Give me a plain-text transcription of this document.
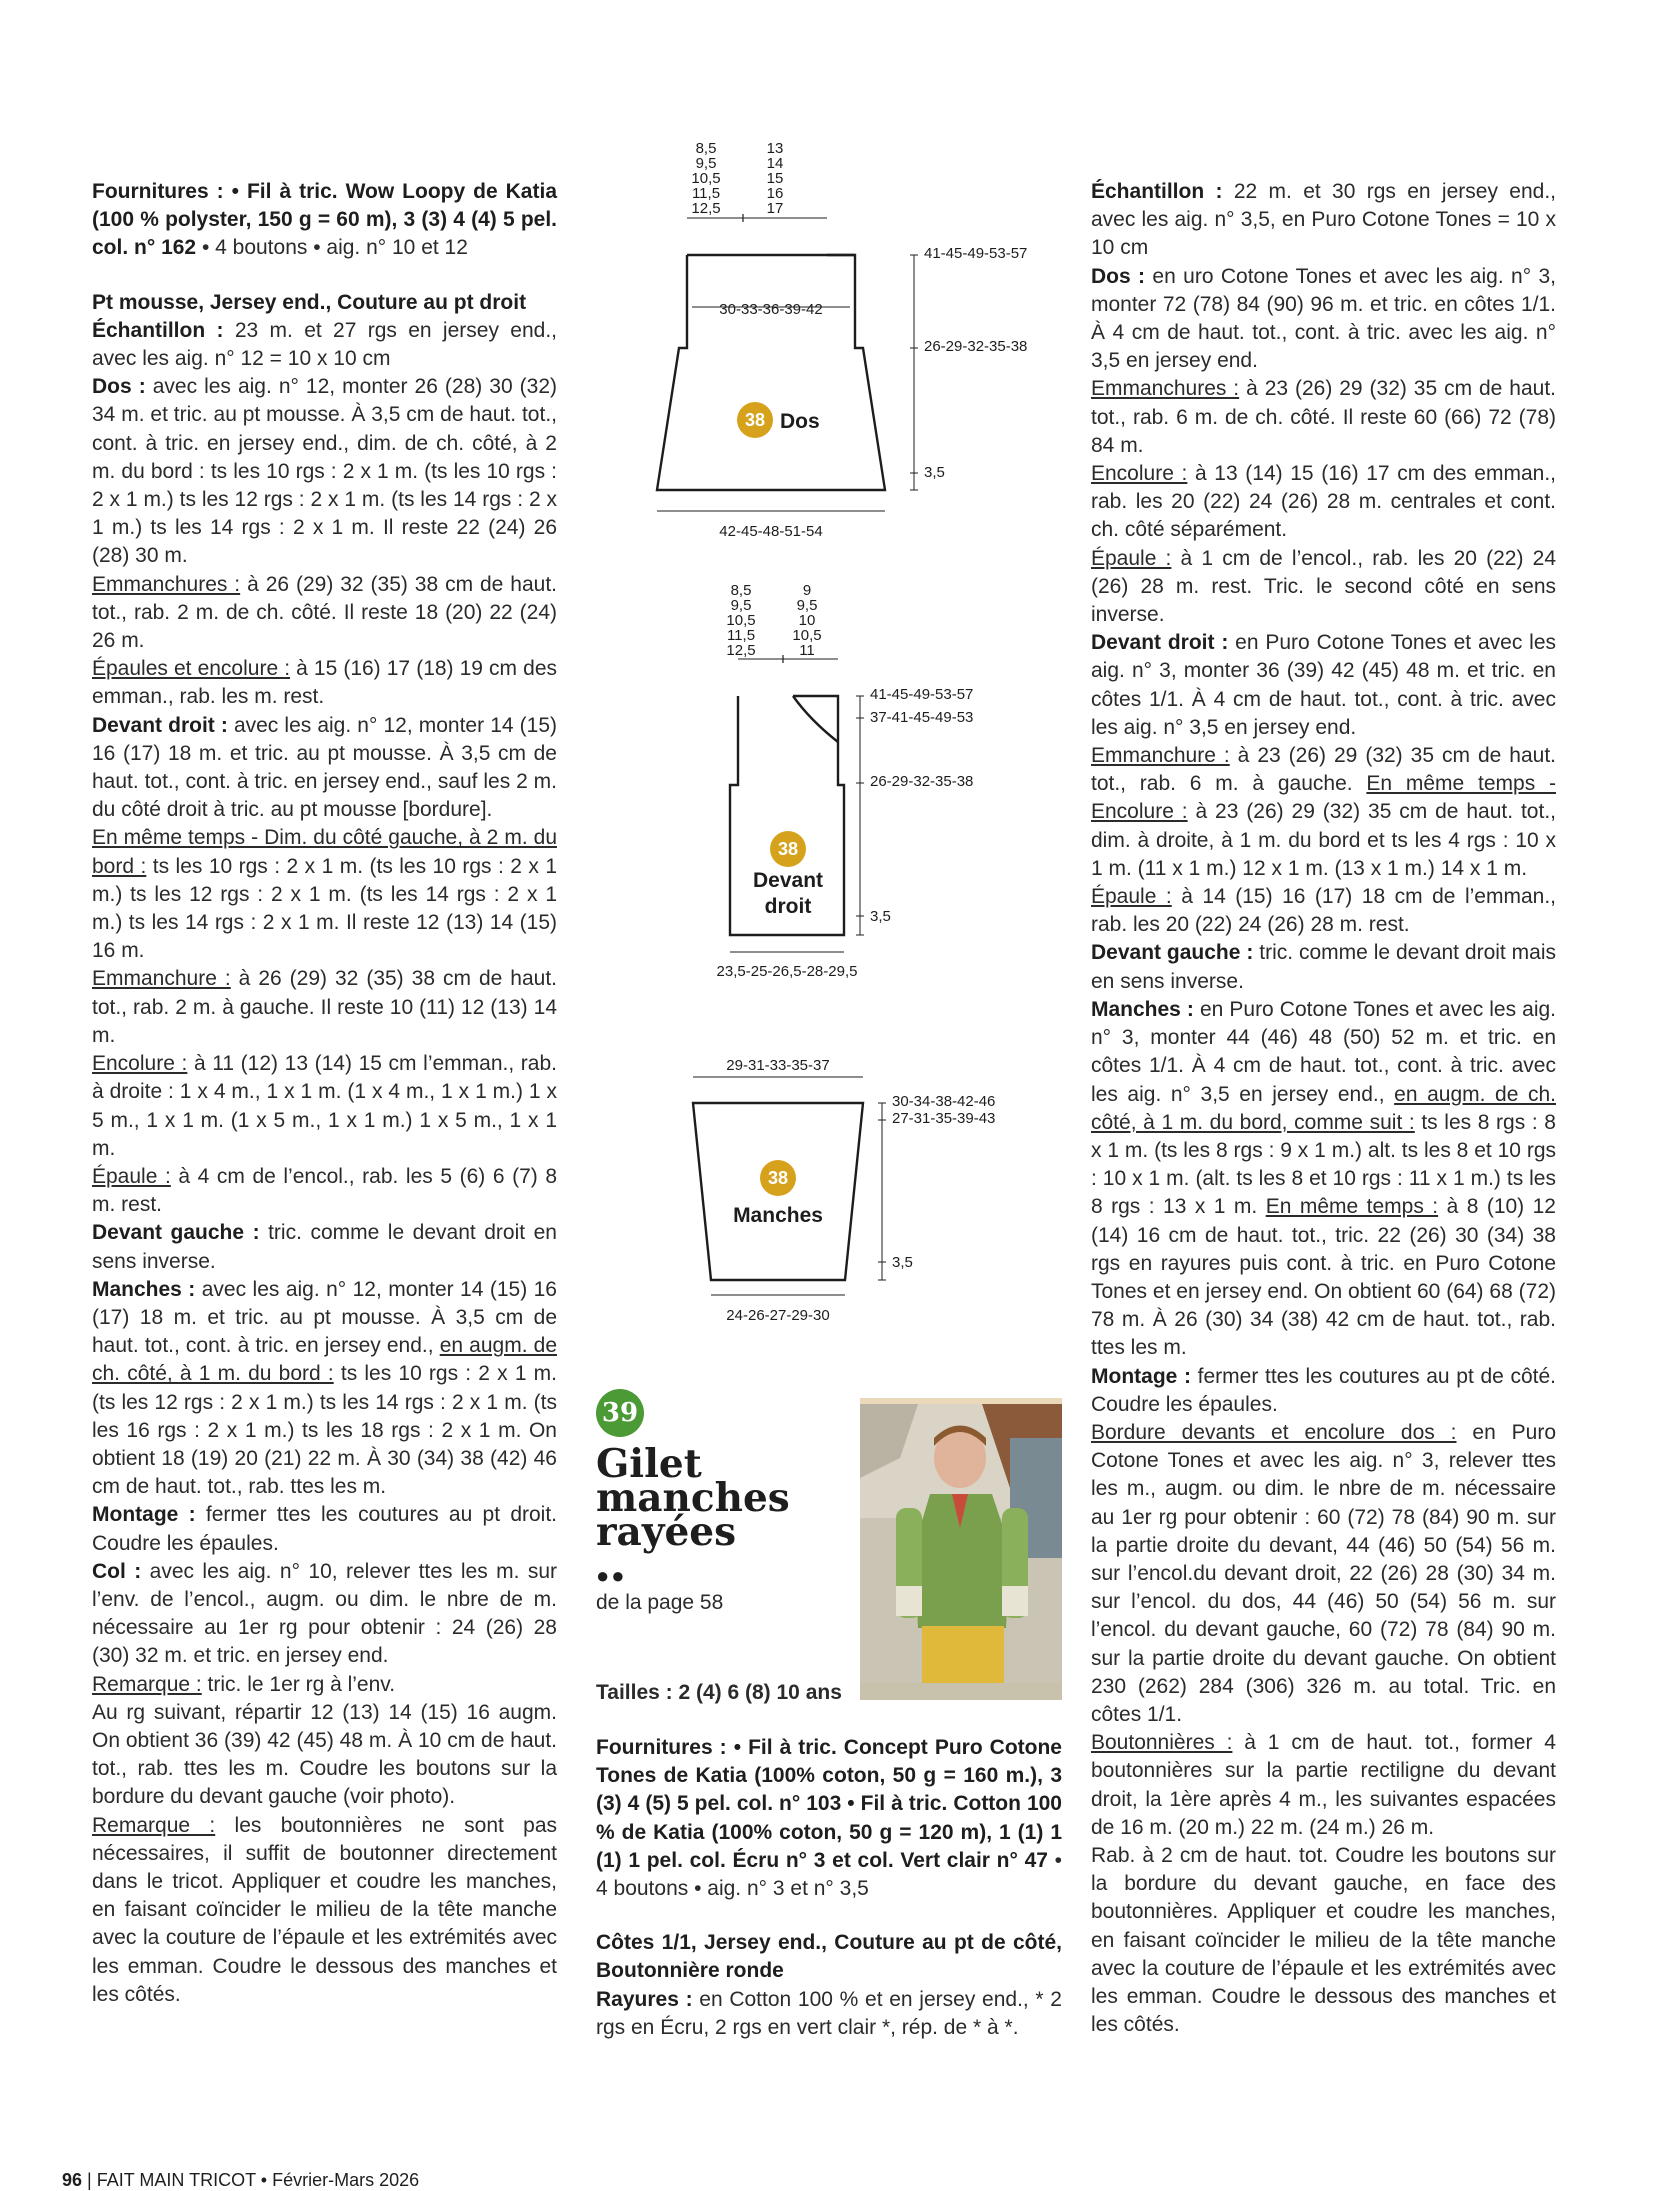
Fournitures : • Fil à tric. Wow Loopy de Katia (100 % polyster, 150 g = 60 m), 3 (3) 4 (4) 5 pel. col. n° 162 • 4 boutons • aig. n° 10 et 12

Pt mousse, Jersey end., Couture au pt droit

Échantillon : 23 m. et 27 rgs en jersey end., avec les aig. n° 12 = 10 x 10 cm

Dos : avec les aig. n° 12, monter 26 (28) 30 (32) 34 m. et tric. au pt mousse. À 3,5 cm de haut. tot., cont. à tric. en jersey end., dim. de ch. côté, à 2 m. du bord : ts les 10 rgs : 2 x 1 m. (ts les 10 rgs : 2 x 1 m.) ts les 12 rgs : 2 x 1 m. (ts les 14 rgs : 2 x 1 m.) ts les 14 rgs : 2 x 1 m. Il reste 22 (24) 26 (28) 30 m.

Emmanchures : à 26 (29) 32 (35) 38 cm de haut. tot., rab. 2 m. de ch. côté. Il reste 18 (20) 22 (24) 26 m.

Épaules et encolure : à 15 (16) 17 (18) 19 cm des emman., rab. les m. rest.

Devant droit : avec les aig. n° 12, monter 14 (15) 16 (17) 18 m. et tric. au pt mousse. À 3,5 cm de haut. tot., cont. à tric. en jersey end., sauf les 2 m. du côté droit à tric. au pt mousse [bordure].

En même temps - Dim. du côté gauche, à 2 m. du bord : ts les 10 rgs : 2 x 1 m. (ts les 10 rgs : 2 x 1 m.) ts les 12 rgs : 2 x 1 m. (ts les 14 rgs : 2 x 1 m.) ts les 14 rgs : 2 x 1 m. Il reste 12 (13) 14 (15) 16 m.

Emmanchure : à 26 (29) 32 (35) 38 cm de haut. tot., rab. 2 m. à gauche. Il reste 10 (11) 12 (13) 14 m.

Encolure : à 11 (12) 13 (14) 15 cm l’emman., rab. à droite : 1 x 4 m., 1 x 1 m. (1 x 4 m., 1 x 1 m.) 1 x 5 m., 1 x 1 m. (1 x 5 m., 1 x 1 m.) 1 x 5 m., 1 x 1 m.

Épaule : à 4 cm de l’encol., rab. les 5 (6) 6 (7) 8 m. rest.

Devant gauche : tric. comme le devant droit en sens inverse.

Manches : avec les aig. n° 12, monter 14 (15) 16 (17) 18 m. et tric. au pt mousse. À 3,5 cm de haut. tot., cont. à tric. en jersey end., en augm. de ch. côté, à 1 m. du bord : ts les 10 rgs : 2 x 1 m. (ts les 12 rgs : 2 x 1 m.) ts les 14 rgs : 2 x 1 m. (ts les 16 rgs : 2 x 1 m.) ts les 18 rgs : 2 x 1 m. On obtient 18 (19) 20 (21) 22 m. À 30 (34) 38 (42) 46 cm de haut. tot., rab. ttes les m.

Montage : fermer ttes les coutures au pt droit. Coudre les épaules.

Col : avec les aig. n° 10, relever ttes les m. sur l’env. de l’encol., augm. ou dim. le nbre de m. nécessaire au 1er rg pour obtenir : 24 (26) 28 (30) 32 m. et tric. en jersey end.

Remarque : tric. le 1er rg à l’env.

Au rg suivant, répartir 12 (13) 14 (15) 16 augm. On obtient 36 (39) 42 (45) 48 m. À 10 cm de haut. tot., rab. ttes les m. Coudre les boutons sur la bordure du devant gauche (voir photo).

Remarque : les boutonnières ne sont pas nécessaires, il suffit de boutonner directement dans le tricot. Appliquer et coudre les manches, en faisant coïncider le milieu de la tête manche avec la couture de l’épaule et les extrémités avec les emman. Coudre le dessous des manches et les côtés.

8,5
9,5
10,5
11,5
12,5
13
14
15
16
17
30-33-36-39-42
41-45-49-53-57
26-29-32-35-38
3,5
42-45-48-51-54
38 Dos
8,5
9,5
10,5
11,5
12,5
9
9,5
10
10,5
11
41-45-49-53-57
37-41-45-49-53
26-29-32-35-38
3,5
23,5-25-26,5-28-29,5
38
Devant
droit
29-31-33-35-37
30-34-38-42-46
27-31-35-39-43
3,5
24-26-27-29-30
38
Manches
39
Gilet
manches
rayées
●●
de la page 58
Tailles : 2 (4) 6 (8) 10 ans

Fournitures : • Fil à tric. Concept Puro Cotone Tones de Katia (100% coton, 50 g = 160 m.), 3 (3) 4 (5) 5 pel. col. n° 103 • Fil à tric. Cotton 100 % de Katia (100% coton, 50 g = 120 m), 1 (1) 1 (1) 1 pel. col. Écru n° 3 et col. Vert clair n° 47 • 4 boutons • aig. n° 3 et n° 3,5

Côtes 1/1, Jersey end., Couture au pt de côté, Boutonnière ronde

Rayures : en Cotton 100 % et en jersey end., * 2 rgs en Écru, 2 rgs en vert clair *, rép. de * à *.

Échantillon : 22 m. et 30 rgs en jersey end., avec les aig. n° 3,5, en Puro Cotone Tones = 10 x 10 cm

Dos : en uro Cotone Tones et avec les aig. n° 3, monter 72 (78) 84 (90) 96 m. et tric. en côtes 1/1. À 4 cm de haut. tot., cont. à tric. avec les aig. n° 3,5 en jersey end.

Emmanchures : à 23 (26) 29 (32) 35 cm de haut. tot., rab. 6 m. de ch. côté. Il reste 60 (66) 72 (78) 84 m.

Encolure : à 13 (14) 15 (16) 17 cm des emman., rab. les 20 (22) 24 (26) 28 m. centrales et cont. ch. côté séparément.

Épaule : à 1 cm de l’encol., rab. les 20 (22) 24 (26) 28 m. rest. Tric. le second côté en sens inverse.

Devant droit : en Puro Cotone Tones et avec les aig. n° 3, monter 36 (39) 42 (45) 48 m. et tric. en côtes 1/1. À 4 cm de haut. tot., cont. à tric. avec les aig. n° 3,5 en jersey end.

Emmanchure : à 23 (26) 29 (32) 35 cm de haut. tot., rab. 6 m. à gauche. En même temps - Encolure : à 23 (26) 29 (32) 35 cm de haut. tot., dim. à droite, à 1 m. du bord et ts les 4 rgs : 10 x 1 m. (11 x 1 m.) 12 x 1 m. (13 x 1 m.) 14 x 1 m.

Épaule : à 14 (15) 16 (17) 18 cm de l’emman., rab. les 20 (22) 24 (26) 28 m. rest.

Devant gauche : tric. comme le devant droit mais en sens inverse.

Manches : en Puro Cotone Tones et avec les aig. n° 3, monter 44 (46) 48 (50) 52 m. et tric. en côtes 1/1. À 4 cm de haut. tot., cont. à tric. avec les aig. n° 3,5 en jersey end., en augm. de ch. côté, à 1 m. du bord, comme suit : ts les 8 rgs : 8 x 1 m. (ts les 8 rgs : 9 x 1 m.) alt. ts les 8 et 10 rgs : 10 x 1 m. (alt. ts les 8 et 10 rgs : 11 x 1 m.) ts les 8 rgs : 13 x 1 m. En même temps : à 8 (10) 12 (14) 16 cm de haut. tot., tric. 22 (26) 30 (34) 38 rgs en rayures puis cont. à tric. en Puro Cotone Tones et en jersey end. On obtient 60 (64) 68 (72) 78 m. À 26 (30) 34 (38) 42 cm de haut. tot., rab. ttes les m.

Montage : fermer ttes les coutures au pt de côté. Coudre les épaules.

Bordure devants et encolure dos : en Puro Cotone Tones et avec les aig. n° 3, relever ttes les m., augm. ou dim. le nbre de m. nécessaire au 1er rg pour obtenir : 60 (72) 78 (84) 90 m. sur la partie droite du devant, 44 (46) 50 (54) 56 m. sur l’encol.du devant droit, 22 (26) 28 (30) 34 m. sur l’encol. du dos, 44 (46) 50 (54) 56 m. sur l’encol. du devant gauche, 60 (72) 78 (84) 90 m. sur la partie droite du devant gauche. On obtient 230 (262) 284 (306) 326 m. au total. Tric. en côtes 1/1.

Boutonnières : à 1 cm de haut. tot., former 4 boutonnières sur la partie rectiligne du devant droit, la 1ère après 4 m., les suivantes espacées de 16 m. (20 m.) 22 m. (24 m.) 26 m.

Rab. à 2 cm de haut. tot. Coudre les boutons sur la bordure du devant gauche, en face des boutonnières. Appliquer et coudre les manches, en faisant coïncider le milieu de la tête manche avec la couture de l’épaule et les extrémités avec les emman. Coudre le dessous des manches et les côtés.

96 | FAIT MAIN TRICOT • Février-Mars 2026
